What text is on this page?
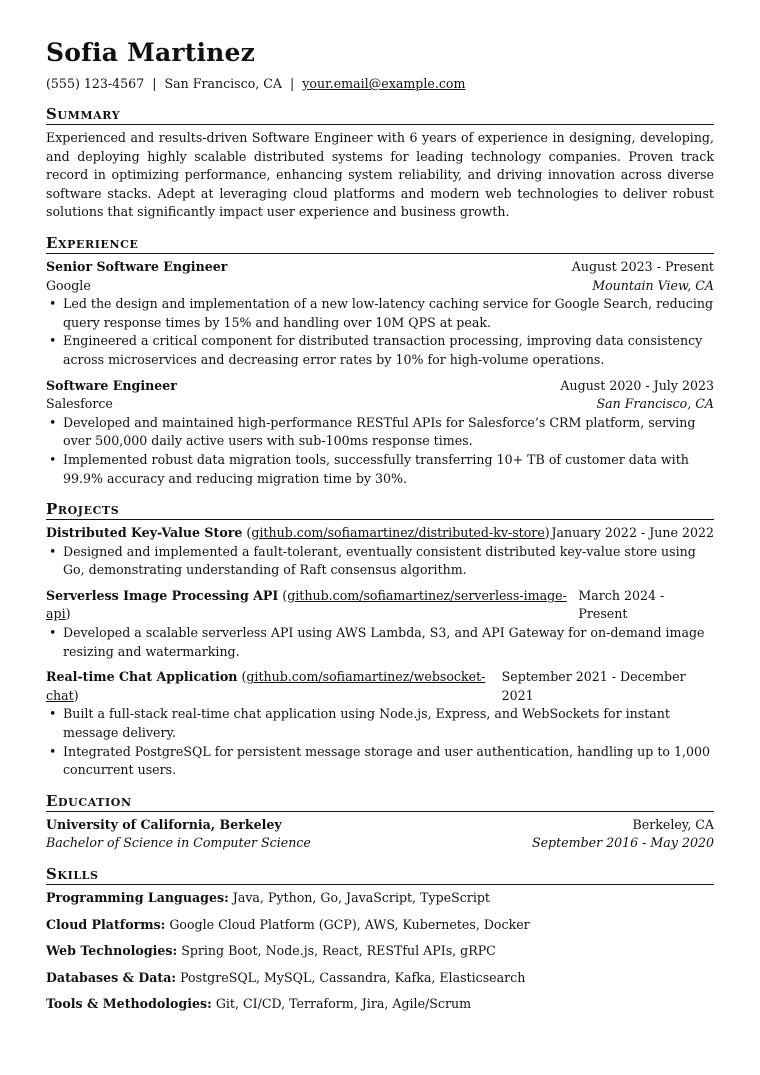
Sofia Martinez
(555) 123-4567 | San Francisco, CA | your.email@example.com
Summary
Experienced and results-driven Software Engineer with 6 years of experience in designing, developing, and deploying highly scalable distributed systems for leading technology companies. Proven track record in optimizing performance, enhancing system reliability, and driving innovation across diverse software stacks. Adept at leveraging cloud platforms and modern web technologies to deliver robust solutions that significantly impact user experience and business growth.
Experience
Senior Software Engineer	August 2023 - Present
Google	Mountain View, CA
• Led the design and implementation of a new low-latency caching service for Google Search, reducing query response times by 15% and handling over 10M QPS at peak.
• Engineered a critical component for distributed transaction processing, improving data consistency across microservices and decreasing error rates by 10% for high-volume operations.
Software Engineer	August 2020 - July 2023
Salesforce	San Francisco, CA
• Developed and maintained high-performance RESTful APIs for Salesforce’s CRM platform, serving over 500,000 daily active users with sub-100ms response times.
• Implemented robust data migration tools, successfully transferring 10+ TB of customer data with 99.9% accuracy and reducing migration time by 30%.
Projects
Distributed Key-Value Store (github.com/sofiamartinez/distributed-kv-store) January 2022 - June 2022
• Designed and implemented a fault-tolerant, eventually consistent distributed key-value store using Go, demonstrating understanding of Raft consensus algorithm.
Serverless Image Processing API (github.com/sofiamartinez/serverless-image-api)
March 2024 - Present
• Developed a scalable serverless API using AWS Lambda, S3, and API Gateway for on-demand image resizing and watermarking.
Real-time Chat Application (github.com/sofiamartinez/websocket-chat)
September 2021 - December 2021
• Built a full-stack real-time chat application using Node.js, Express, and WebSockets for instant message delivery.
• Integrated PostgreSQL for persistent message storage and user authentication, handling up to 1,000 concurrent users.
Education
University of California, Berkeley	Berkeley, CA
Bachelor of Science in Computer Science	September 2016 - May 2020
Skills
Programming Languages: Java, Python, Go, JavaScript, TypeScript
Cloud Platforms: Google Cloud Platform (GCP), AWS, Kubernetes, Docker
Web Technologies: Spring Boot, Node.js, React, RESTful APIs, gRPC
Databases & Data: PostgreSQL, MySQL, Cassandra, Kafka, Elasticsearch
Tools & Methodologies: Git, CI/CD, Terraform, Jira, Agile/Scrum
